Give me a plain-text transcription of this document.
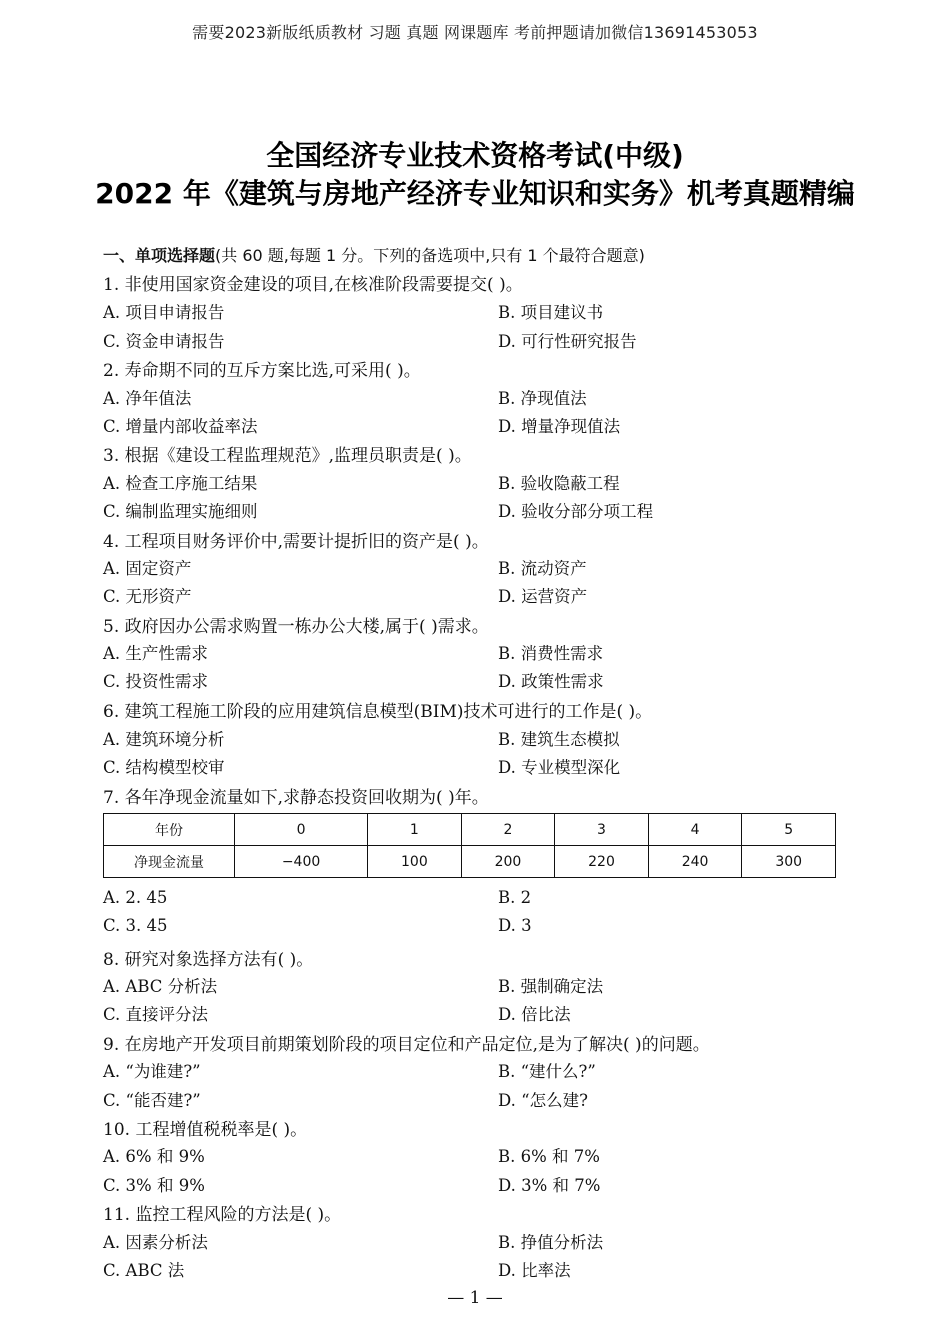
需要2023新版纸质教材 习题 真题 网课题库 考前押题请加微信13691453053
全国经济专业技术资格考试(中级)
2022 年《建筑与房地产经济专业知识和实务》机考真题精编
一、单项选择题(共 60 题,每题 1 分。下列的备选项中,只有 1 个最符合题意)
1. 非使用国家资金建设的项目,在核准阶段需要提交( )。
A. 项目申请报告	B. 项目建议书
C. 资金申请报告	D. 可行性研究报告
2. 寿命期不同的互斥方案比选,可采用( )。
A. 净年值法	B. 净现值法
C. 增量内部收益率法	D. 增量净现值法
3. 根据《建设工程监理规范》,监理员职责是( )。
A. 检查工序施工结果	B. 验收隐蔽工程
C. 编制监理实施细则	D. 验收分部分项工程
4. 工程项目财务评价中,需要计提折旧的资产是( )。
A. 固定资产	B. 流动资产
C. 无形资产	D. 运营资产
5. 政府因办公需求购置一栋办公大楼,属于( )需求。
A. 生产性需求	B. 消费性需求
C. 投资性需求	D. 政策性需求
6. 建筑工程施工阶段的应用建筑信息模型(BIM)技术可进行的工作是( )。
A. 建筑环境分析	B. 建筑生态模拟
C. 结构模型校审	D. 专业模型深化
7. 各年净现金流量如下,求静态投资回收期为( )年。
年份	0	1	2	3	4	5
净现金流量	−400	100	200	220	240	300
A. 2. 45	B. 2
C. 3. 45	D. 3
8. 研究对象选择方法有( )。
A. ABC 分析法	B. 强制确定法
C. 直接评分法	D. 倍比法
9. 在房地产开发项目前期策划阶段的项目定位和产品定位,是为了解决( )的问题。
A. “为谁建?”	B. “建什么?”
C. “能否建?”	D. “怎么建?
10. 工程增值税税率是( )。
A. 6% 和 9%	B. 6% 和 7%
C. 3% 和 9%	D. 3% 和 7%
11. 监控工程风险的方法是( )。
A. 因素分析法	B. 挣值分析法
C. ABC 法	D. 比率法
— 1 —
